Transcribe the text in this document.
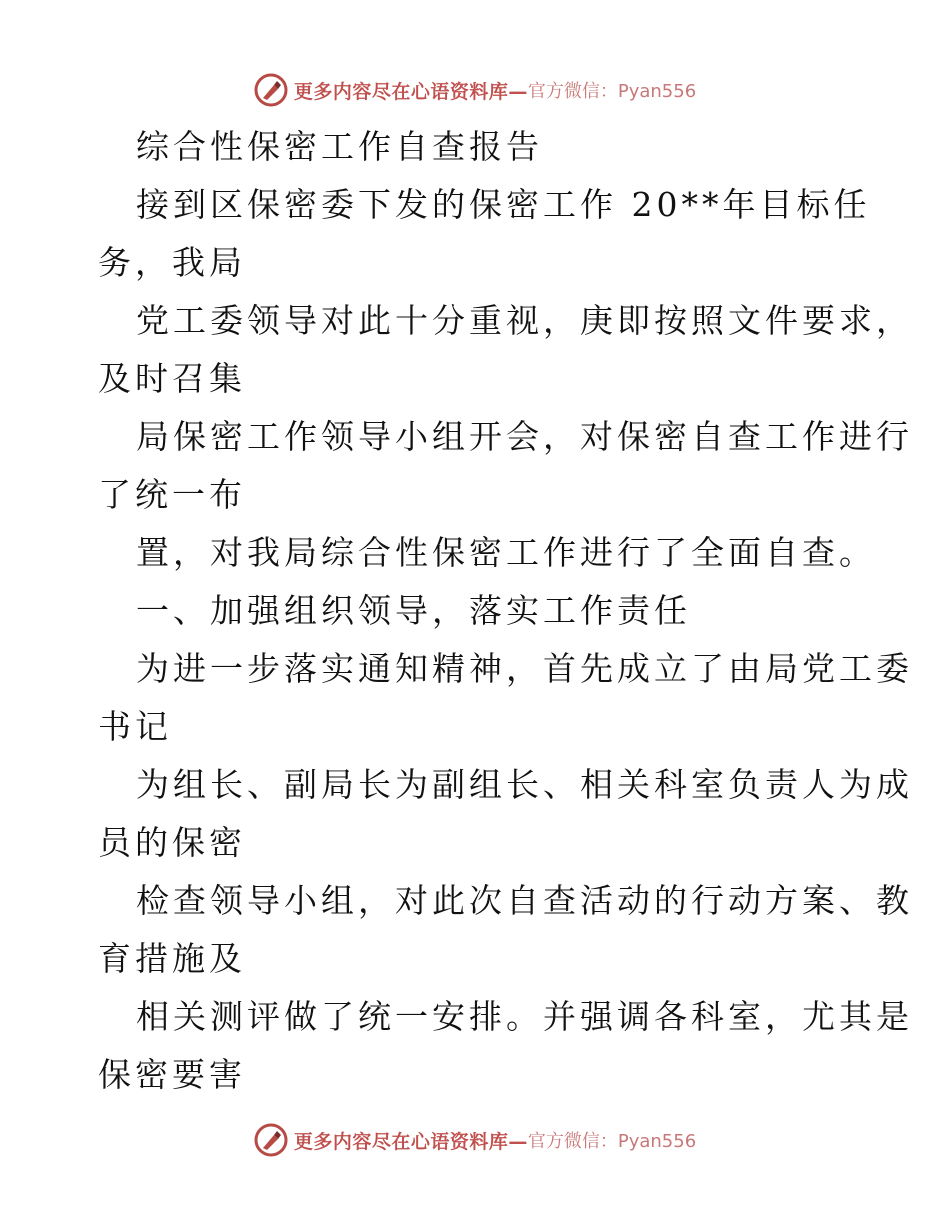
更多内容尽在心语资料库— 官方微信：Pyan556
综合性保密工作自查报告
接到区保密委下发的保密工作 20**年目标任
务，我局
党工委领导对此十分重视，庚即按照文件要求，
及时召集
局保密工作领导小组开会，对保密自查工作进行
了统一布
置，对我局综合性保密工作进行了全面自查。
一、加强组织领导，落实工作责任
为进一步落实通知精神，首先成立了由局党工委
书记
为组长、副局长为副组长、相关科室负责人为成
员的保密
检查领导小组，对此次自查活动的行动方案、教
育措施及
相关测评做了统一安排。并强调各科室，尤其是
保密要害
更多内容尽在心语资料库— 官方微信：Pyan556
